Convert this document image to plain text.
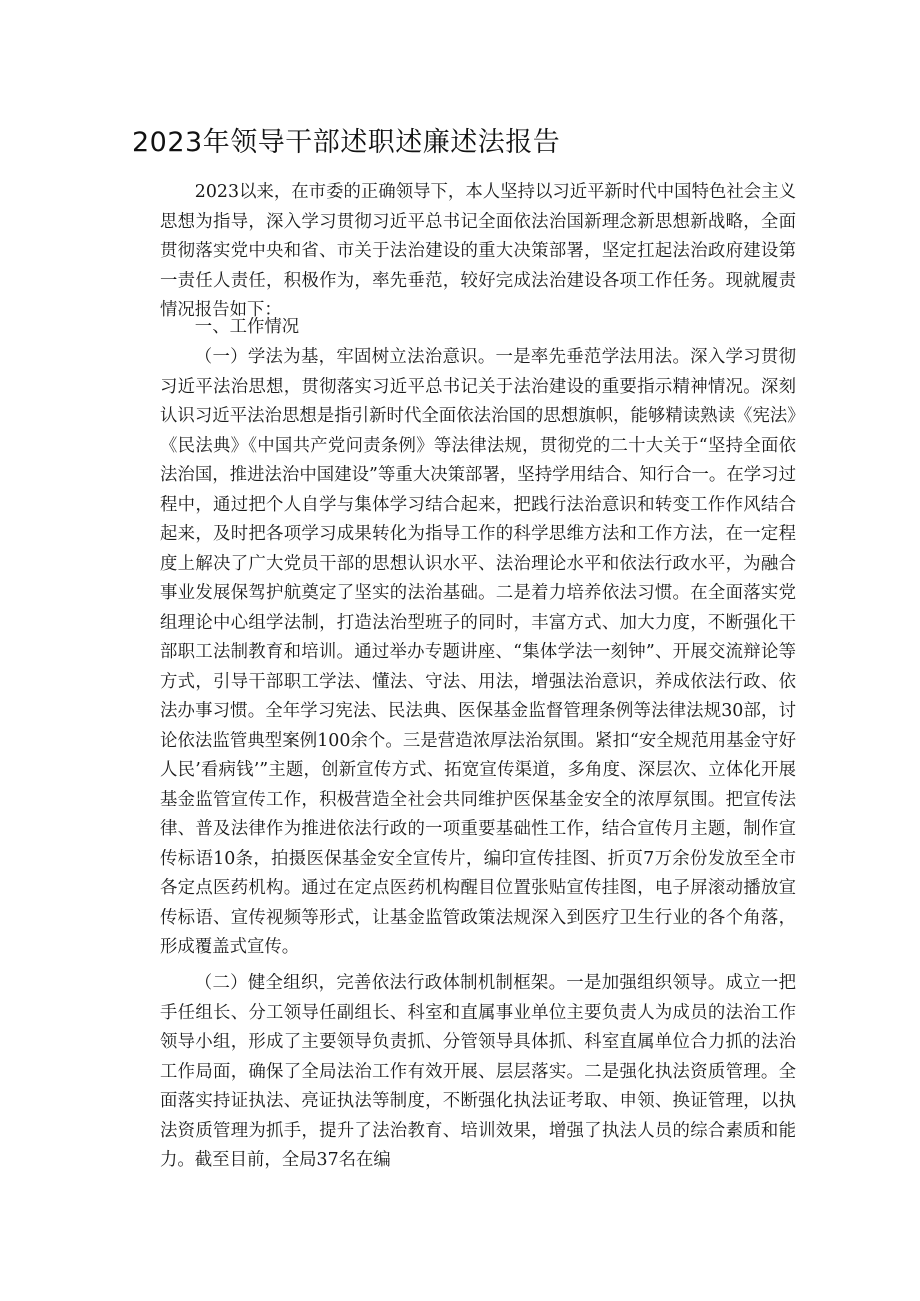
2023年领导干部述职述廉述法报告
2023以来，在市委的正确领导下，本人坚持以习近平新时代中国特色社会主义思想为指导，深入学习贯彻习近平总书记全面依法治国新理念新思想新战略，全面贯彻落实党中央和省、市关于法治建设的重大决策部署，坚定扛起法治政府建设第一责任人责任，积极作为，率先垂范，较好完成法治建设各项工作任务。现就履责情况报告如下：
一、工作情况
（一）学法为基，牢固树立法治意识。一是率先垂范学法用法。深入学习贯彻习近平法治思想，贯彻落实习近平总书记关于法治建设的重要指示精神情况。深刻认识习近平法治思想是指引新时代全面依法治国的思想旗帜，能够精读熟读《宪法》《民法典》《中国共产党问责条例》等法律法规，贯彻党的二十大关于“坚持全面依法治国，推进法治中国建设”等重大决策部署，坚持学用结合、知行合一。在学习过程中，通过把个人自学与集体学习结合起来，把践行法治意识和转变工作作风结合起来，及时把各项学习成果转化为指导工作的科学思维方法和工作方法，在一定程度上解决了广大党员干部的思想认识水平、法治理论水平和依法行政水平，为融合事业发展保驾护航奠定了坚实的法治基础。二是着力培养依法习惯。在全面落实党组理论中心组学法制，打造法治型班子的同时，丰富方式、加大力度，不断强化干部职工法制教育和培训。通过举办专题讲座、“集体学法一刻钟”、开展交流辩论等方式，引导干部职工学法、懂法、守法、用法，增强法治意识，养成依法行政、依法办事习惯。全年学习宪法、民法典、医保基金监督管理条例等法律法规30部，讨论依法监管典型案例100余个。三是营造浓厚法治氛围。紧扣“安全规范用基金守好人民’看病钱’”主题，创新宣传方式、拓宽宣传渠道，多角度、深层次、立体化开展基金监管宣传工作，积极营造全社会共同维护医保基金安全的浓厚氛围。把宣传法律、普及法律作为推进依法行政的一项重要基础性工作，结合宣传月主题，制作宣传标语10条，拍摄医保基金安全宣传片，编印宣传挂图、折页7万余份发放至全市各定点医药机构。通过在定点医药机构醒目位置张贴宣传挂图，电子屏滚动播放宣传标语、宣传视频等形式，让基金监管政策法规深入到医疗卫生行业的各个角落，形成覆盖式宣传。
（二）健全组织，完善依法行政体制机制框架。一是加强组织领导。成立一把手任组长、分工领导任副组长、科室和直属事业单位主要负责人为成员的法治工作领导小组，形成了主要领导负责抓、分管领导具体抓、科室直属单位合力抓的法治工作局面，确保了全局法治工作有效开展、层层落实。二是强化执法资质管理。全面落实持证执法、亮证执法等制度，不断强化执法证考取、申领、换证管理，以执法资质管理为抓手，提升了法治教育、培训效果，增强了执法人员的综合素质和能力。截至目前，全局37名在编
